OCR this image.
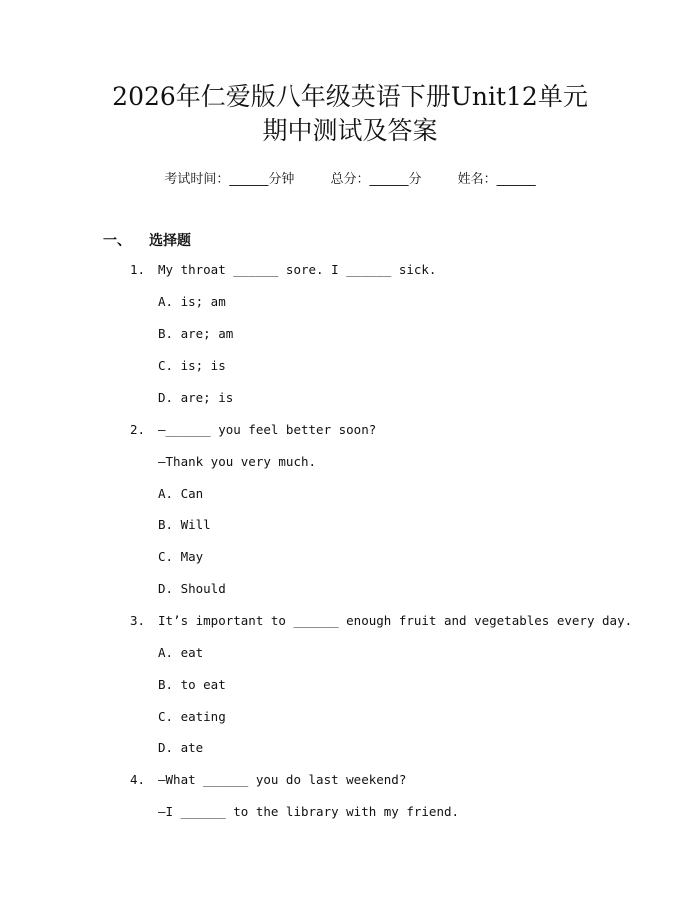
2026年仁爱版八年级英语下册Unit12单元
期中测试及答案
考试时间：______分钟	总分：______分	姓名：______
一、 选择题
1. My throat ______ sore. I ______ sick.
A. is; am
B. are; am
C. is; is
D. are; is
2. —______ you feel better soon?
—Thank you very much.
A. Can
B. Will
C. May
D. Should
3. It’s important to ______ enough fruit and vegetables every day.
A. eat
B. to eat
C. eating
D. ate
4. —What ______ you do last weekend?
—I ______ to the library with my friend.
